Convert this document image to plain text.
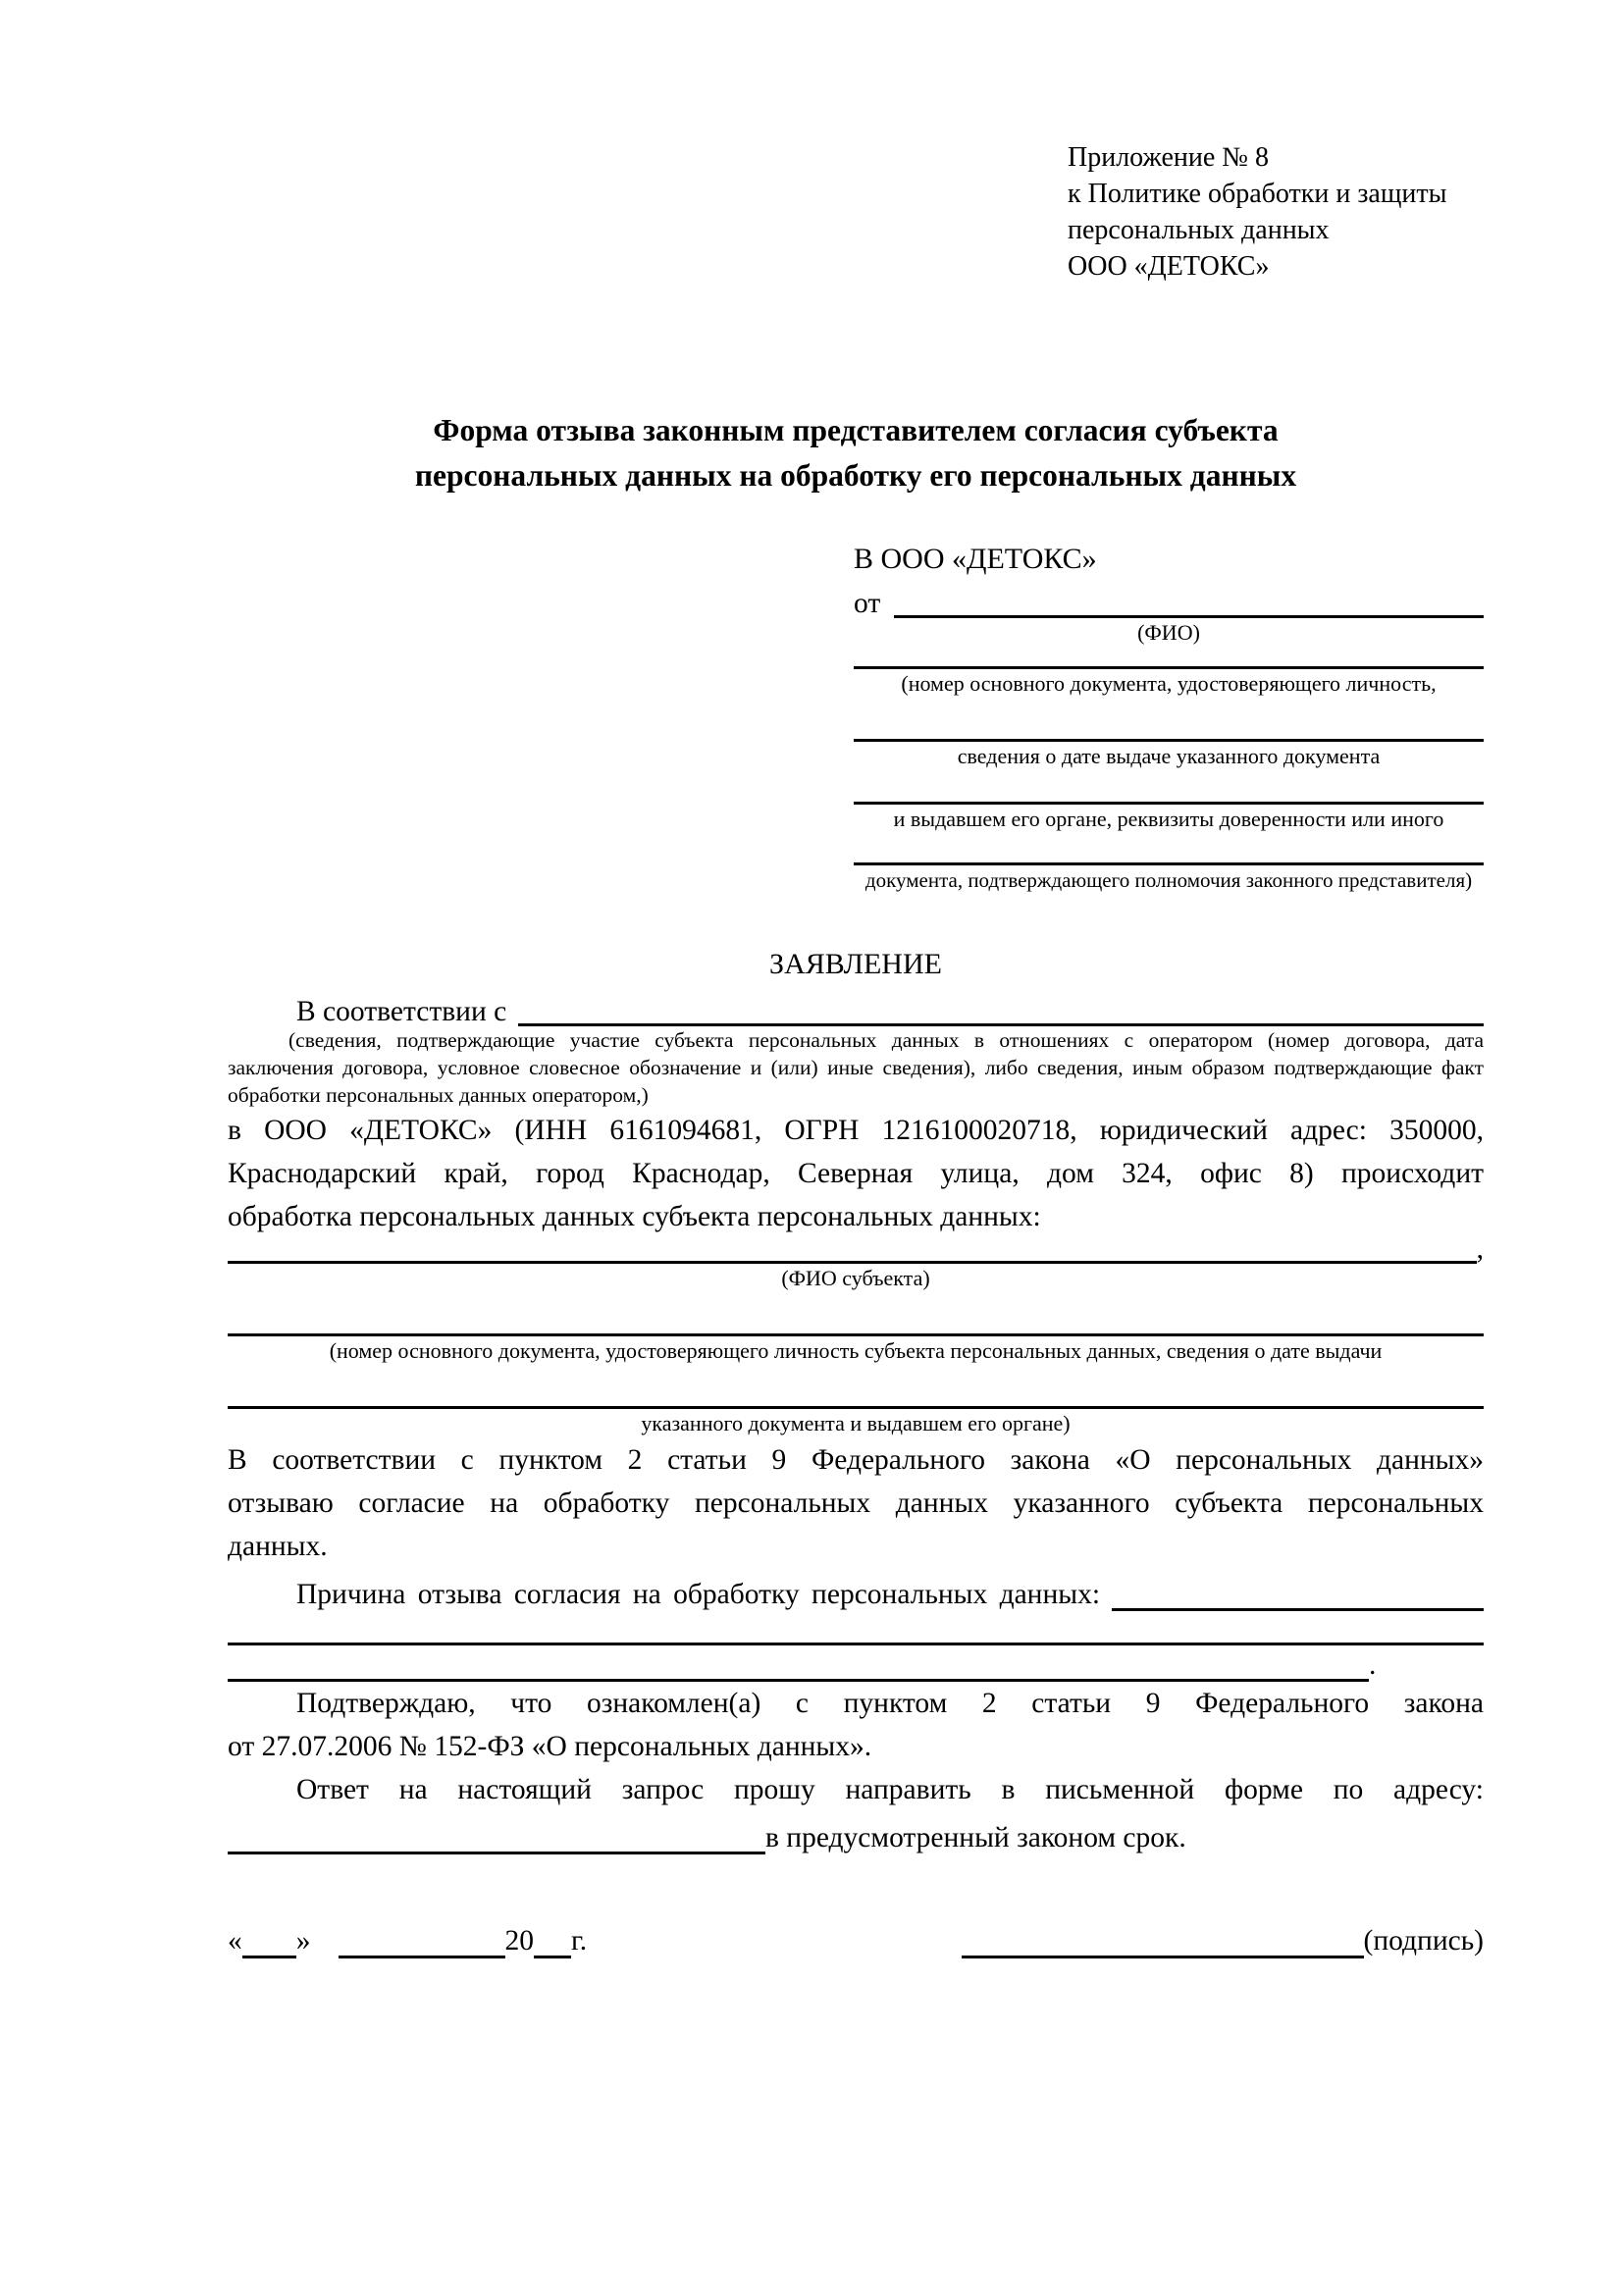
Приложение № 8
к Политике обработки и защиты
персональных данных
ООО «ДЕТОКС»
Форма отзыва законным представителем согласия субъекта
персональных данных на обработку его персональных данных
В ООО «ДЕТОКС»
от
(ФИО)
(номер основного документа, удостоверяющего личность,
сведения о дате выдаче указанного документа
и выдавшем его органе, реквизиты доверенности или иного
документа, подтверждающего полномочия законного представителя)
ЗАЯВЛЕНИЕ
В соответствии с
(сведения, подтверждающие участие субъекта персональных данных в отношениях с оператором (номер договора, дата
заключения договора, условное словесное обозначение и (или) иные сведения), либо сведения, иным образом подтверждающие факт
обработки персональных данных оператором,)
в ООО «ДЕТОКС» (ИНН 6161094681, ОГРН 1216100020718, юридический адрес: 350000,
Краснодарский край, город Краснодар, Северная улица, дом 324, офис 8) происходит
обработка персональных данных субъекта персональных данных:
,
(ФИО субъекта)
(номер основного документа, удостоверяющего личность субъекта персональных данных, сведения о дате выдачи
указанного документа и выдавшем его органе)
В соответствии с пунктом 2 статьи 9 Федерального закона «О персональных данных»
отзываю согласие на обработку персональных данных указанного субъекта персональных
данных.
Причина отзыва согласия на обработку персональных данных:
.
Подтверждаю, что ознакомлен(а) с пунктом 2 статьи 9 Федерального закона
от 27.07.2006 № 152-ФЗ «О персональных данных».
Ответ на настоящий запрос прошу направить в письменной форме по адресу:
в предусмотренный законом срок.
« »	20 г.	(подпись)
